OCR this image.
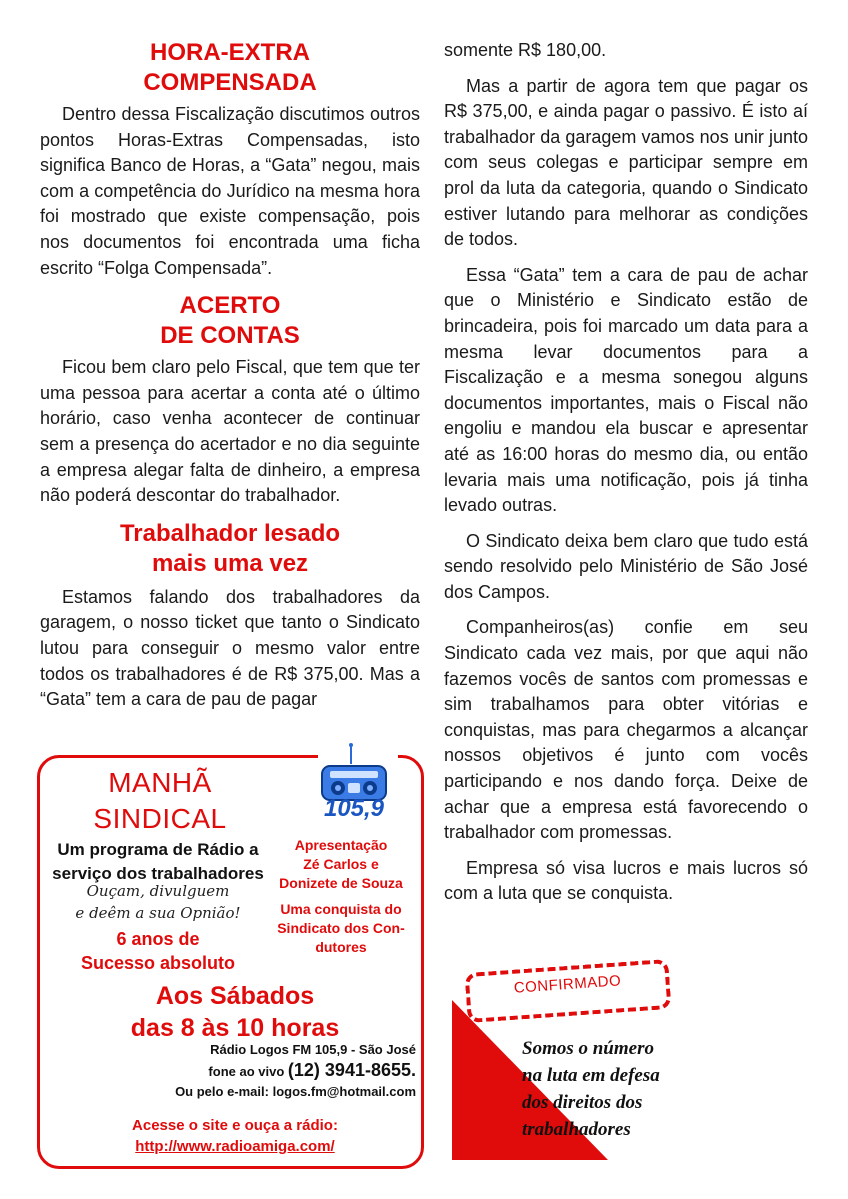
HORA-EXTRA
COMPENSADA

Dentro dessa Fiscalização discutimos outros pontos Horas-Extras Compensadas, isto significa Banco de Horas, a “Gata” negou, mais com a competência do Jurídico na mesma hora foi mostrado que existe compensação, pois nos documentos foi encontrada uma ficha escrito “Folga Compensada”.

ACERTO
DE CONTAS

Ficou bem claro pelo Fiscal, que tem que ter uma pessoa para acertar a conta até o último horário, caso venha acontecer de continuar sem a presença do acertador e no dia seguinte a empresa alegar falta de dinheiro, a empresa não poderá descontar do trabalhador.

Trabalhador lesado
mais uma vez

Estamos falando dos trabalhadores da garagem, o nosso ticket que tanto o Sindicato lutou para conseguir o mesmo valor entre todos os trabalhadores é de R$ 375,00. Mas a “Gata” tem a cara de pau de pagar

somente R$ 180,00.

Mas a partir de agora tem que pagar os R$ 375,00, e ainda pagar o passivo. É isto aí trabalhador da garagem vamos nos unir junto com seus colegas e participar sempre em prol da luta da categoria, quando o Sindicato estiver lutando para melhorar as condições de todos.

Essa “Gata” tem a cara de pau de achar que o Ministério e Sindicato estão de brincadeira, pois foi marcado um data para a mesma levar documentos para a Fiscalização e a mesma sonegou alguns documentos importantes, mais o Fiscal não engoliu e mandou ela buscar e apresentar até as 16:00 horas do mesmo dia, ou então levaria mais uma notificação, pois já tinha levado outras.

O Sindicato deixa bem claro que tudo está sendo resolvido pelo Ministério de São José dos Campos.

Companheiros(as) confie em seu Sindicato cada vez mais, por que aqui não fazemos vocês de santos com promessas e sim trabalhamos para obter vitórias e conquistas, mas para chegarmos a alcançar nossos objetivos é junto com vocês participando e nos dando força. Deixe de achar que a empresa está favorecendo o trabalhador com promessas.

Empresa só visa lucros e mais lucros só com a luta que se conquista.

MANHÃ
SINDICAL	105,9
Um programa de Rádio a
serviço dos trabalhadores
Ouçam, divulguem
e deêm a sua Opnião!
6 anos de
Sucesso absoluto
Apresentação
Zé Carlos e
Donizete de Souza
Uma conquista do
Sindicato dos Con-
dutores
Aos Sábados
das 8 às 10 horas
Rádio Logos FM 105,9 - São José
fone ao vivo (12) 3941-8655.
Ou pelo e-mail: logos.fm@hotmail.com
Acesse o site e ouça a rádio:
http://www.radioamiga.com/
CONFIRMADO
Somos o número
na luta em defesa
dos direitos dos
trabalhadores
